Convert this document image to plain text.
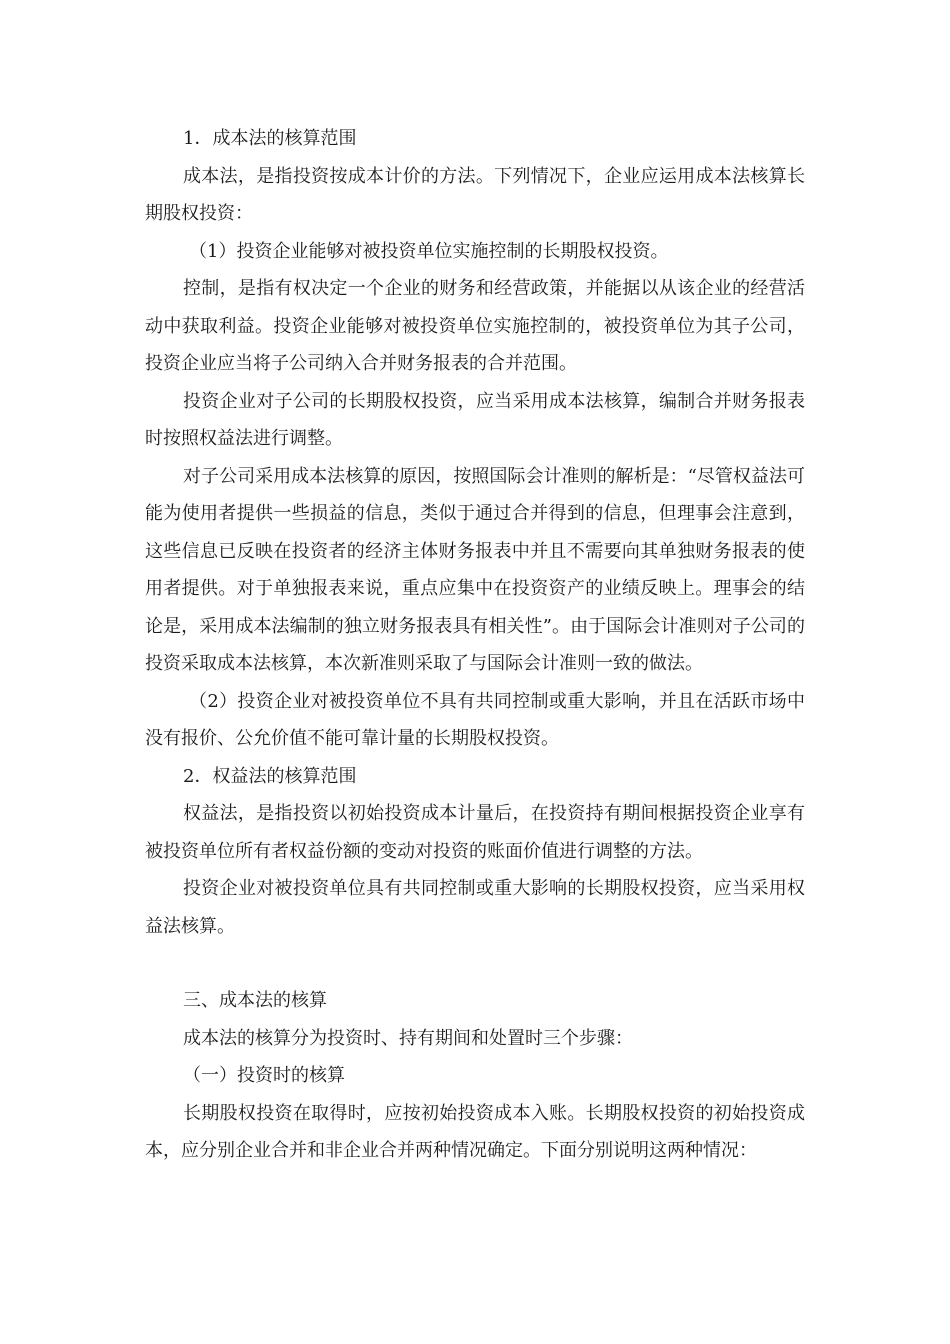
1．成本法的核算范围

成本法，是指投资按成本计价的方法。下列情况下，企业应运用成本法核算长期股权投资：

（1）投资企业能够对被投资单位实施控制的长期股权投资。

控制，是指有权决定一个企业的财务和经营政策，并能据以从该企业的经营活动中获取利益。投资企业能够对被投资单位实施控制的，被投资单位为其子公司，投资企业应当将子公司纳入合并财务报表的合并范围。

投资企业对子公司的长期股权投资，应当采用成本法核算，编制合并财务报表时按照权益法进行调整。

对子公司采用成本法核算的原因，按照国际会计准则的解析是：“尽管权益法可能为使用者提供一些损益的信息，类似于通过合并得到的信息，但理事会注意到，这些信息已反映在投资者的经济主体财务报表中并且不需要向其单独财务报表的使用者提供。对于单独报表来说，重点应集中在投资资产的业绩反映上。理事会的结论是，采用成本法编制的独立财务报表具有相关性”。由于国际会计准则对子公司的投资采取成本法核算，本次新准则采取了与国际会计准则一致的做法。

（2）投资企业对被投资单位不具有共同控制或重大影响，并且在活跃市场中没有报价、公允价值不能可靠计量的长期股权投资。

2．权益法的核算范围

权益法，是指投资以初始投资成本计量后，在投资持有期间根据投资企业享有被投资单位所有者权益份额的变动对投资的账面价值进行调整的方法。

投资企业对被投资单位具有共同控制或重大影响的长期股权投资，应当采用权益法核算。

三、成本法的核算

成本法的核算分为投资时、持有期间和处置时三个步骤：

（一）投资时的核算

长期股权投资在取得时，应按初始投资成本入账。长期股权投资的初始投资成本，应分别企业合并和非企业合并两种情况确定。下面分别说明这两种情况：
